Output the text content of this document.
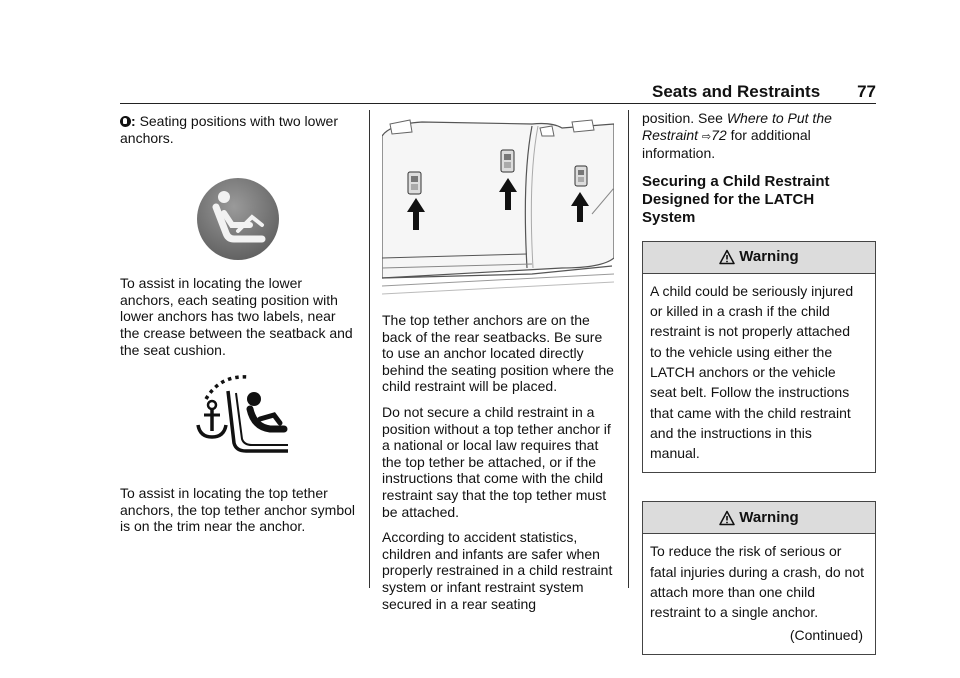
Seats and Restraints	77

: Seating positions with two lower anchors.

To assist in locating the lower anchors, each seating position with lower anchors has two labels, near the crease between the seatback and the seat cushion.

To assist in locating the top tether anchors, the top tether anchor symbol is on the trim near the anchor.

The top tether anchors are on the back of the rear seatbacks. Be sure to use an anchor located directly behind the seating position where the child restraint will be placed.

Do not secure a child restraint in a position without a top tether anchor if a national or local law requires that the top tether be attached, or if the instructions that come with the child restraint say that the top tether must be attached.

According to accident statistics, children and infants are safer when properly restrained in a child restraint system or infant restraint system secured in a rear seating

position. See Where to Put the Restraint ⇨72 for additional information.

Securing a Child Restraint Designed for the LATCH System
Warning
A child could be seriously injured or killed in a crash if the child restraint is not properly attached to the vehicle using either the LATCH anchors or the vehicle seat belt. Follow the instructions that came with the child restraint and the instructions in this manual.
Warning
To reduce the risk of serious or fatal injuries during a crash, do not attach more than one child restraint to a single anchor.
(Continued)
